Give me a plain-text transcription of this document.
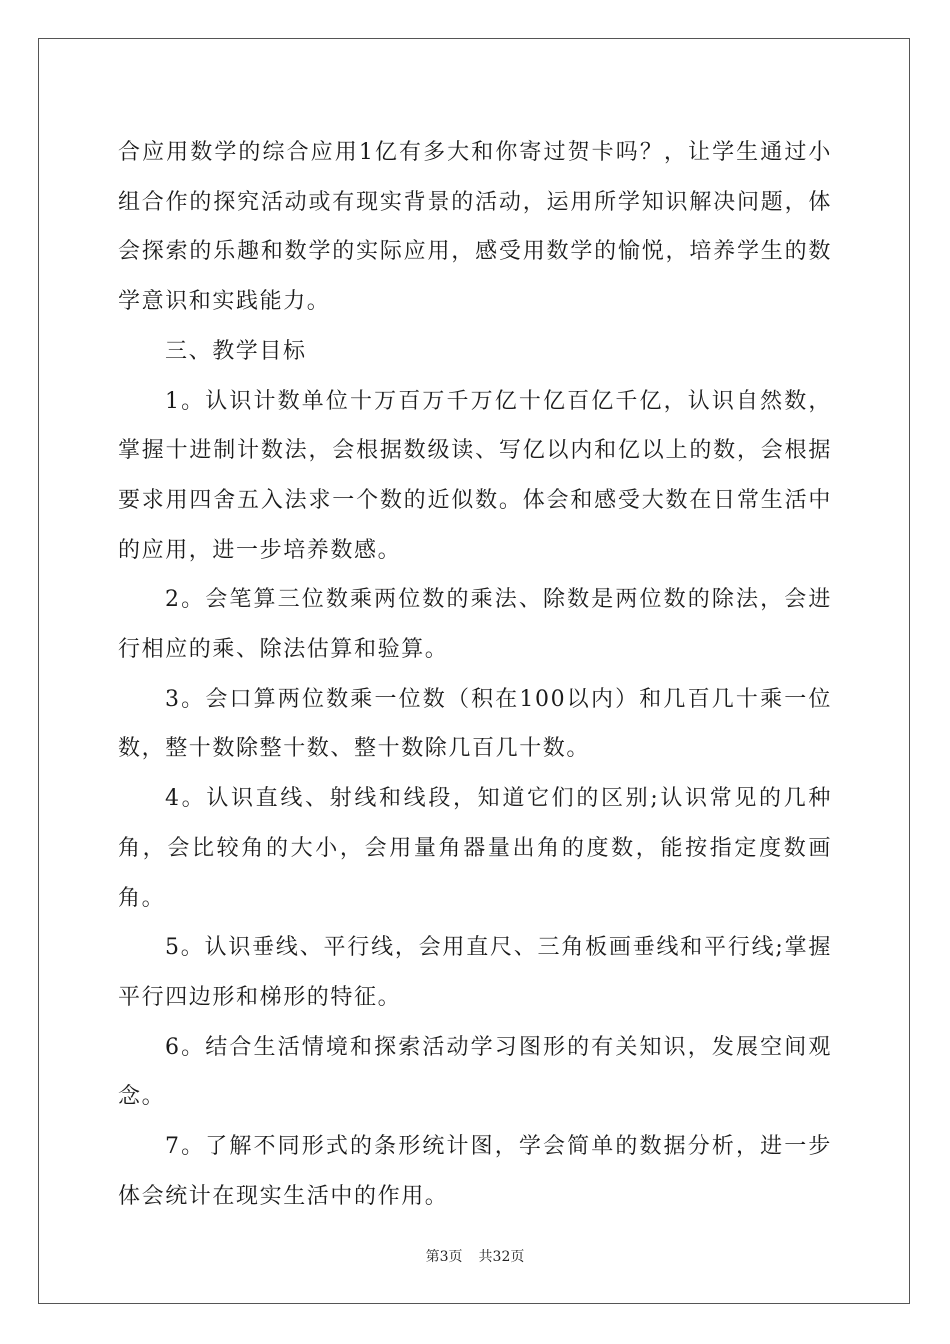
合应用数学的综合应用1亿有多大和你寄过贺卡吗？，让学生通过小组合作的探究活动或有现实背景的活动，运用所学知识解决问题，体会探索的乐趣和数学的实际应用，感受用数学的愉悦，培养学生的数学意识和实践能力。

三、教学目标

1。认识计数单位十万百万千万亿十亿百亿千亿，认识自然数，掌握十进制计数法，会根据数级读、写亿以内和亿以上的数，会根据要求用四舍五入法求一个数的近似数。体会和感受大数在日常生活中的应用，进一步培养数感。

2。会笔算三位数乘两位数的乘法、除数是两位数的除法，会进行相应的乘、除法估算和验算。

3。会口算两位数乘一位数（积在100以内）和几百几十乘一位数，整十数除整十数、整十数除几百几十数。

4。认识直线、射线和线段，知道它们的区别;认识常见的几种角，会比较角的大小，会用量角器量出角的度数，能按指定度数画角。

5。认识垂线、平行线，会用直尺、三角板画垂线和平行线;掌握平行四边形和梯形的特征。

6。结合生活情境和探索活动学习图形的有关知识，发展空间观念。

7。了解不同形式的条形统计图，学会简单的数据分析，进一步体会统计在现实生活中的作用。

第3页 共32页
